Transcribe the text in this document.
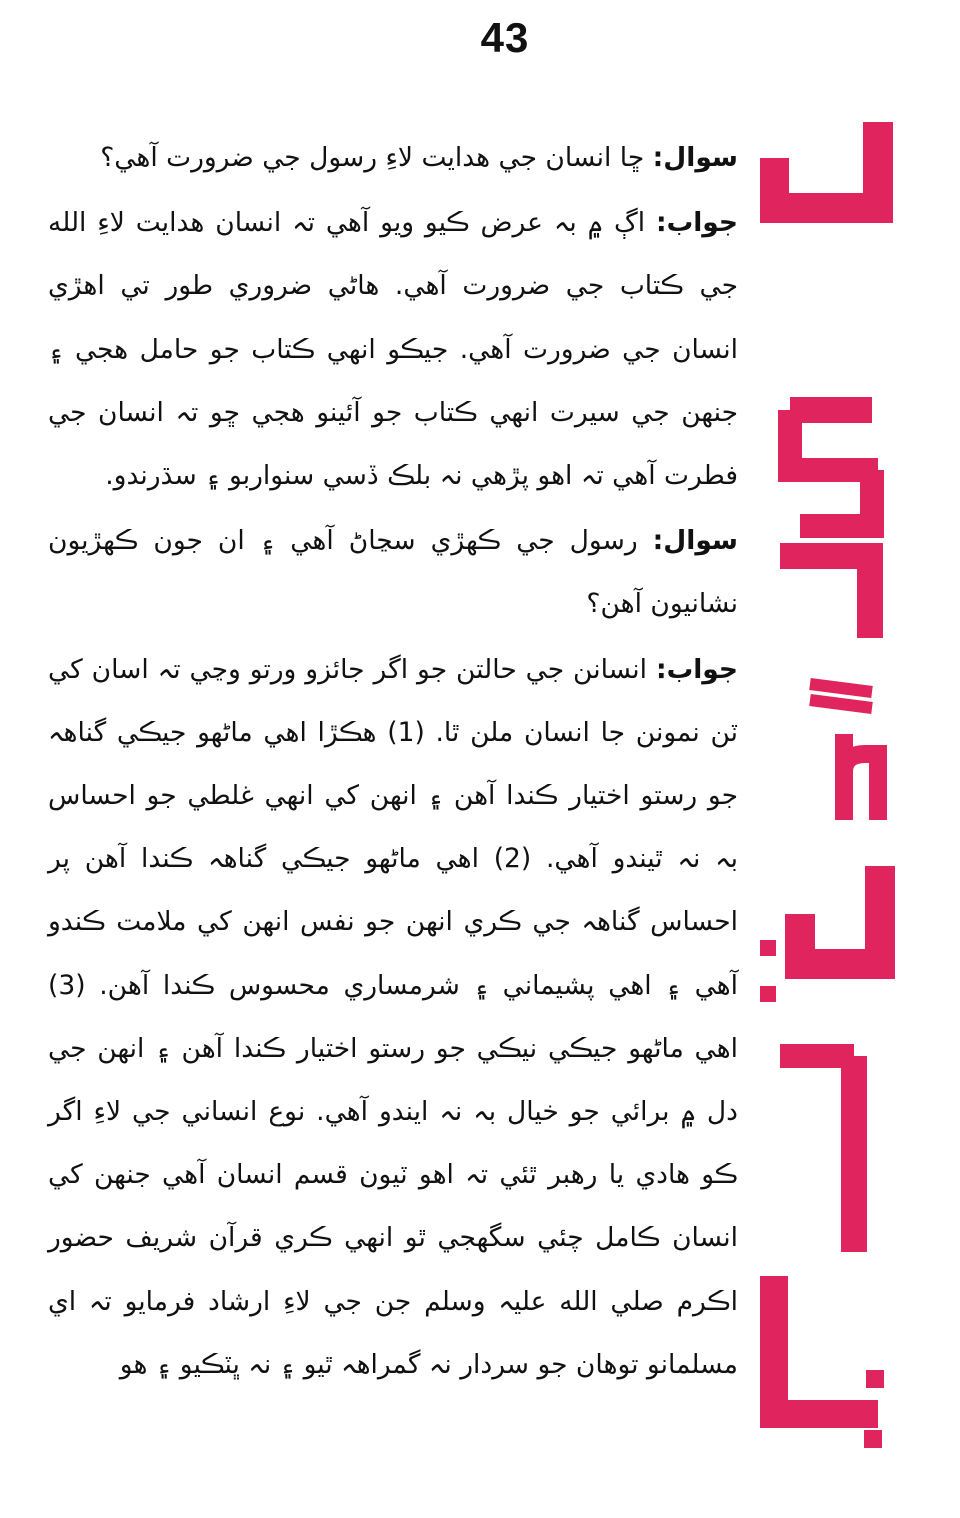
43

سوال: ڇا انسان جي هدايت لاءِ رسول جي ضرورت آهي؟

جواب: اڳ ۾ بہ عرض ڪيو ويو آهي تہ انسان هدايت لاءِ الله جي ڪتاب جي ضرورت آهي. هاڻي ضروري طور تي اهڙي انسان جي ضرورت آهي. جيڪو انهي ڪتاب جو حامل هجي ۽ جنهن جي سيرت انهي ڪتاب جو آئينو هجي ڇو تہ انسان جي فطرت آهي تہ اهو پڙهي نہ بلڪ ڏسي سنواربو ۽ سڌرندو.

سوال: رسول جي ڪهڙي سڃاڻ آهي ۽ ان جون ڪهڙيون نشانيون آهن؟

جواب: انسانن جي حالتن جو اگر جائزو ورتو وڃي تہ اسان کي ٽن نمونن جا انسان ملن ٿا. (1) هڪڙا اهي ماڻهو جيڪي گناهہ جو رستو اختيار ڪندا آهن ۽ انهن کي انهي غلطي جو احساس بہ نہ ٿيندو آهي. (2) اهي ماڻهو جيڪي گناهہ ڪندا آهن پر احساس گناهہ جي ڪري انهن جو نفس انهن کي ملامت ڪندو آهي ۽ اهي پشيماني ۽ شرمساري محسوس ڪندا آهن. (3) اهي ماڻهو جيڪي نيڪي جو رستو اختيار ڪندا آهن ۽ انهن جي دل ۾ برائي جو خيال بہ نہ ايندو آهي. نوع انساني جي لاءِ اگر ڪو هادي يا رهبر ٿئي تہ اهو ٽيون قسم انسان آهي جنهن کي انسان ڪامل چئي سگهجي ٿو انهي ڪري قرآن شريف حضور اڪرم صلي الله عليہ وسلم جن جي لاءِ ارشاد فرمايو تہ اي مسلمانو توهان جو سردار نہ گمراهہ ٿيو ۽ نہ ڀٽڪيو ۽ هو
